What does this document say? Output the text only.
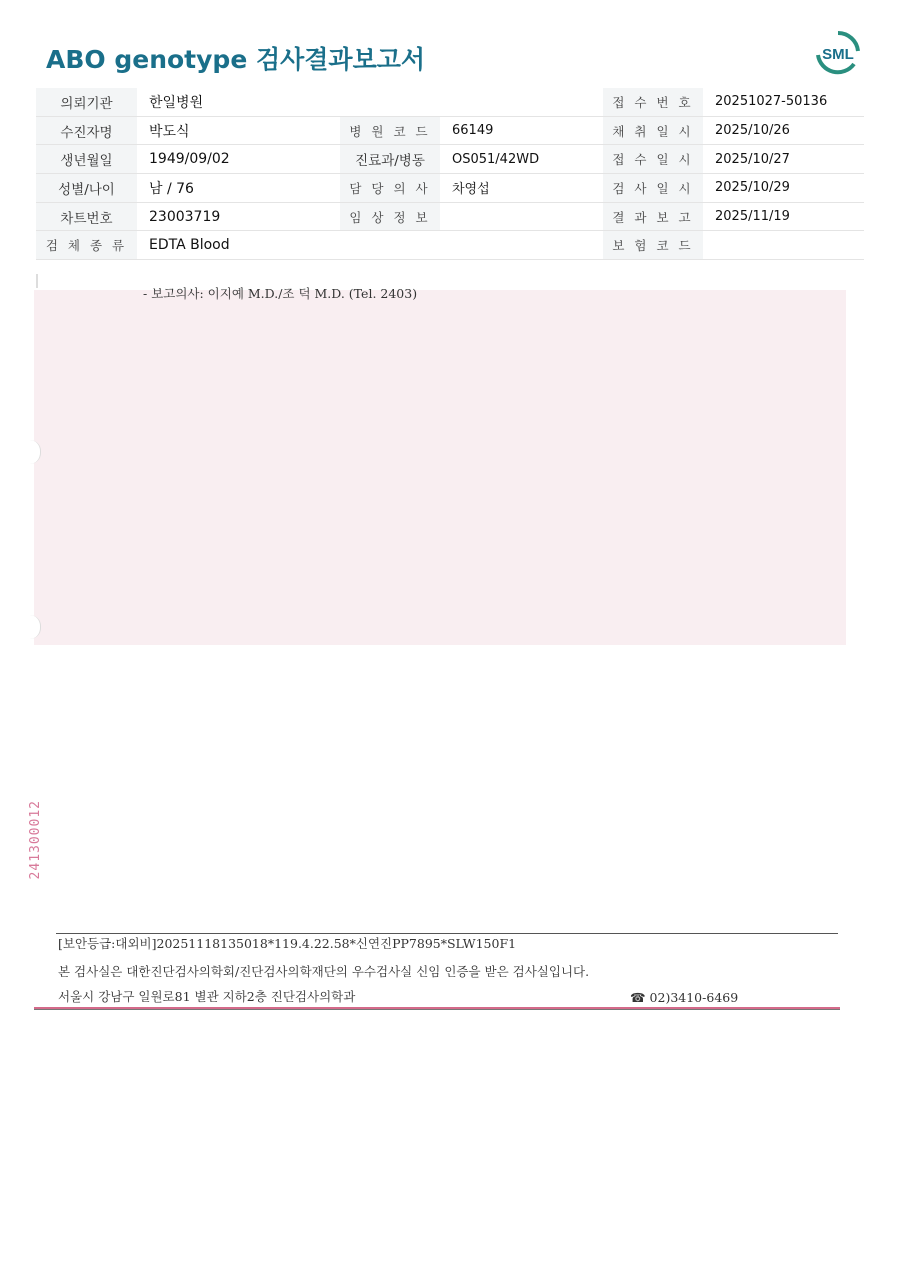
ABO genotype 검사결과보고서	SML
의뢰기관	한일병원			접 수 번 호	20251027-50136
수진자명	박도식	병 원 코 드	66149	채 취 일 시	2025/10/26
생년월일	1949/09/02	진료과/병동	OS051/42WD	접 수 일 시	2025/10/27
성별/나이	남 / 76	담 당 의 사	차영섭	검 사 일 시	2025/10/29
차트번호	23003719	임 상 정 보		결 과 보 고	2025/11/19
검 체 종 류	EDTA Blood			보 험 코 드	
- 보고의사: 이지예 M.D./조 덕 M.D. (Tel. 2403)
241300012
[보안등급:대외비]20251118135018*119.4.22.58*신연진PP7895*SLW150F1
본 검사실은 대한진단검사의학회/진단검사의학재단의 우수검사실 신임 인증을 받은 검사실입니다.
서울시 강남구 일원로81 별관 지하2층 진단검사의학과	☎ 02)3410-6469
